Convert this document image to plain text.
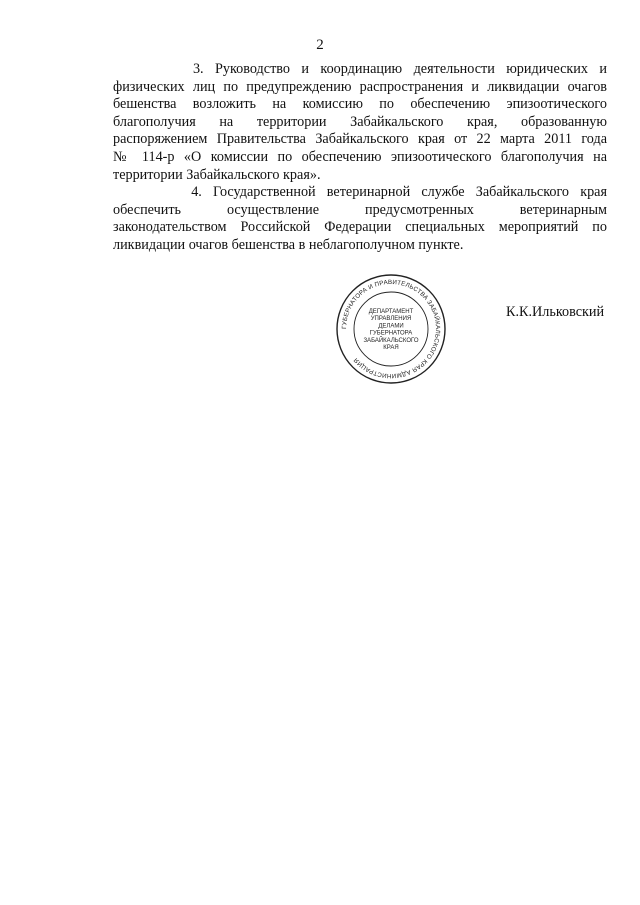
2
3. Руководство и координацию деятельности юридических и
физических лиц по предупреждению распространения и ликвидации очагов
бешенства возложить на комиссию по обеспечению эпизоотического
благополучия на территории Забайкальского края, образованную
распоряжением Правительства Забайкальского края от 22 марта 2011 года
№ 114-р «О комиссии по обеспечению эпизоотического благополучия на
территории Забайкальского края».
4. Государственной ветеринарной службе Забайкальского края
обеспечить осуществление предусмотренных ветеринарным
законодательством Российской Федерации специальных мероприятий по
ликвидации очагов бешенства в неблагополучном пункте.
ГУБЕРНАТОРА И ПРАВИТЕЛЬСТВА ЗАБАЙКАЛЬСКОГО КРАЯ АДМИНИСТРАЦИЯ
ДЕПАРТАМЕНТ
УПРАВЛЕНИЯ
ДЕЛАМИ
ГУБЕРНАТОРА
ЗАБАЙКАЛЬСКОГО
КРАЯ
К.К.Ильковский
